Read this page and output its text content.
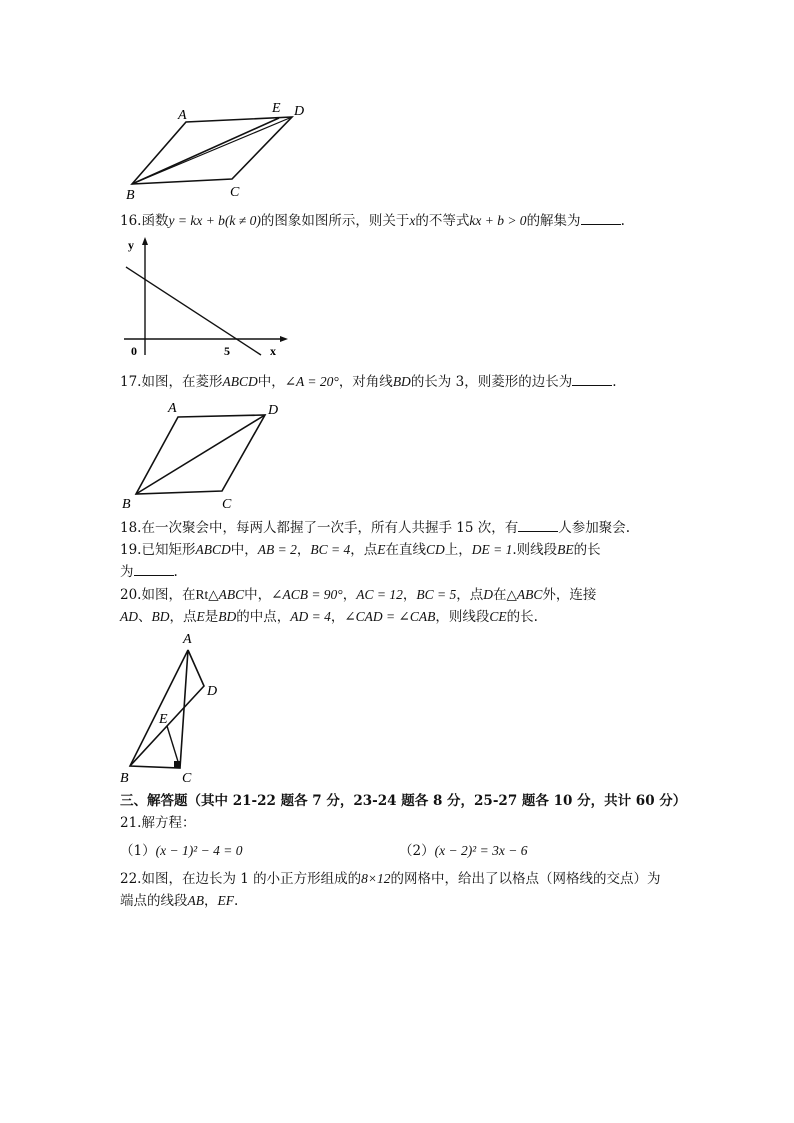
A	E D
B	C
16.函数y = kx + b(k ≠ 0)的图象如图所示，则关于x的不等式kx + b > 0的解集为	.
y
x
0	5
17.如图，在菱形ABCD中，∠A = 20°，对角线BD的长为 3，则菱形的边长为	.
A	D
B	C
18.在一次聚会中，每两人都握了一次手，所有人共握手 15 次，有	人参加聚会.
19.已知矩形ABCD中，AB = 2，BC = 4，点E在直线CD上，DE = 1.则线段BE的长
为	.
20.如图，在Rt△ABC中，∠ACB = 90°，AC = 12，BC = 5，点D在△ABC外，连接
AD、BD，点E是BD的中点，AD = 4，∠CAD = ∠CAB，则线段CE的长.
A
D
E
B	C
三、解答题（其中 21-22 题各 7 分，23-24 题各 8 分，25-27 题各 10 分，共计 60 分）
21.解方程：
（1）(x − 1)² − 4 = 0	（2）(x − 2)² = 3x − 6
22.如图，在边长为 1 的小正方形组成的8×12的网格中，给出了以格点（网格线的交点）为
端点的线段AB，EF.
